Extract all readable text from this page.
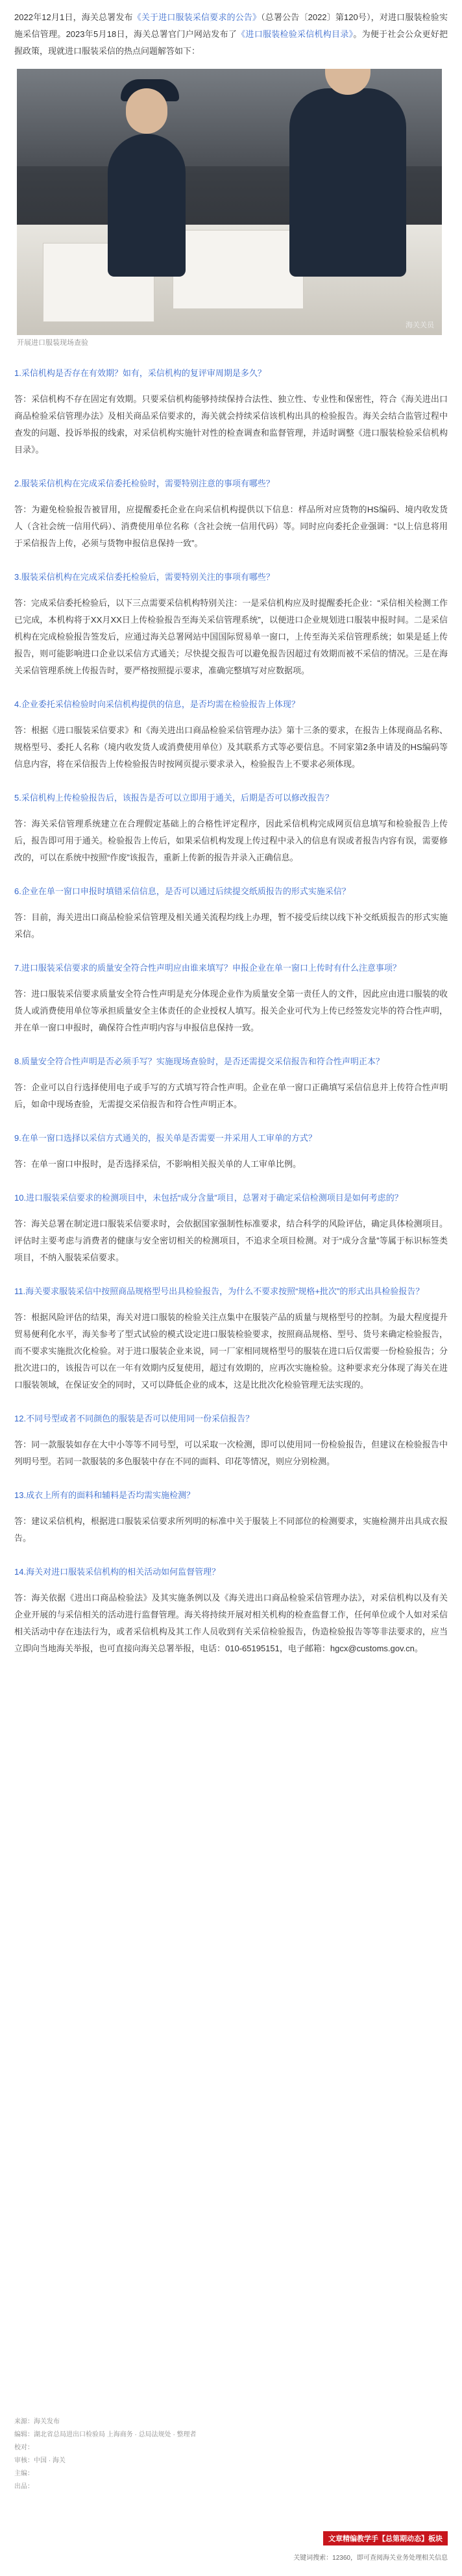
2022年12月1日，海关总署发布《关于进口服装采信要求的公告》（总署公告〔2022〕第120号），对进口服装检验实施采信管理。2023年5月18日，海关总署官门户网站发布了《进口服装检验采信机构目录》。为便于社会公众更好把握政策，现就进口服装采信的热点问题解答如下：

海关关员
开展进口服装现场查验

1.采信机构是否存在有效期？如有，采信机构的复评审周期是多久？

答：采信机构不存在固定有效期。只要采信机构能够持续保持合法性、独立性、专业性和保密性，符合《海关进出口商品检验采信管理办法》及相关商品采信要求的，海关就会持续采信该机构出具的检验报告。海关会结合监管过程中查发的问题、投诉举报的线索，对采信机构实施针对性的检查调查和监督管理，并适时调整《进口服装检验采信机构目录》。

2.服装采信机构在完成采信委托检验时，需要特别注意的事项有哪些？

答：为避免检验报告被冒用，应提醒委托企业在向采信机构提供以下信息：样品所对应货物的HS编码、境内收发货人（含社会统一信用代码）、消费使用单位名称（含社会统一信用代码）等。同时应向委托企业强调：“以上信息将用于采信报告上传，必须与货物申报信息保持一致”。

3.服装采信机构在完成采信委托检验后，需要特别关注的事项有哪些？

答：完成采信委托检验后，以下三点需要采信机构特别关注：一是采信机构应及时提醒委托企业：“采信相关检测工作已完成，本机构将于XX月XX日上传检验报告至海关采信管理系统”，以便进口企业规划进口服装申报时间。二是采信机构在完成检验报告签发后，应通过海关总署网站中国国际贸易单一窗口，上传至海关采信管理系统；如果是延上传报告，则可能影响进口企业以采信方式通关；尽快提交报告可以避免报告因超过有效期而被不采信的情况。三是在海关采信管理系统上传报告时，要严格按照提示要求，准确完整填写对应数据项。

4.企业委托采信检验时向采信机构提供的信息，是否均需在检验报告上体现？

答：根据《进口服装采信要求》和《海关进出口商品检验采信管理办法》第十三条的要求，在报告上体现商品名称、规格型号、委托人名称（境内收发货人或消费使用单位）及其联系方式等必要信息。不同家第2条申请及的HS编码等信息内容，将在采信报告上传检验报告时按网页提示要求录入，检验报告上不要求必须体现。

5.采信机构上传检验报告后，该报告是否可以立即用于通关，后期是否可以修改报告？

答：海关采信管理系统建立在合理假定基础上的合格性评定程序，因此采信机构完成网页信息填写和检验报告上传后，报告即可用于通关。检验报告上传后，如果采信机构发现上传过程中录入的信息有误或者报告内容有误，需要修改的，可以在系统中按照“作废”该报告，重新上传新的报告并录入正确信息。

6.企业在单一窗口申报时填错采信信息，是否可以通过后续提交纸质报告的形式实施采信？

答：目前，海关进出口商品检验采信管理及相关通关流程均线上办理，暂不接受后续以线下补交纸质报告的形式实施采信。

7.进口服装采信要求的质量安全符合性声明应由谁来填写？申报企业在单一窗口上传时有什么注意事项？

答：进口服装采信要求质量安全符合性声明是充分体现企业作为质量安全第一责任人的文件，因此应由进口服装的收货人或消费使用单位等承担质量安全主体责任的企业授权人填写。报关企业可代为上传已经签发完毕的符合性声明，并在单一窗口申报时，确保符合性声明内容与申报信息保持一致。

8.质量安全符合性声明是否必须手写？实施现场查验时，是否还需提交采信报告和符合性声明正本？

答：企业可以自行选择使用电子或手写的方式填写符合性声明。企业在单一窗口正确填写采信信息并上传符合性声明后，如命中现场查验，无需提交采信报告和符合性声明正本。

9.在单一窗口选择以采信方式通关的，报关单是否需要一并采用人工审单的方式？

答：在单一窗口申报时，是否选择采信，不影响相关报关单的人工审单比例。

10.进口服装采信要求的检测项目中，未包括“成分含量”项目，总署对于确定采信检测项目是如何考虑的？

答：海关总署在制定进口服装采信要求时，会依据国家强制性标准要求，结合科学的风险评估，确定具体检测项目。评估时主要考虑与消费者的健康与安全密切相关的检测项目，不追求全项目检测。对于“成分含量”等属于标识标签类项目，不纳入服装采信要求。

11.海关要求服装采信中按照商品规格型号出具检验报告，为什么不要求按照“规格+批次”的形式出具检验报告？

答：根据风险评估的结果，海关对进口服装的检验关注点集中在服装产品的质量与规格型号的控制。为最大程度提升贸易便利化水平，海关参考了型式试验的模式设定进口服装检验要求，按照商品规格、型号、货号来确定检验报告，而不要求实施批次化检验。对于进口服装企业来说，同一厂家相同规格型号的服装在进口后仅需要一份检验报告；分批次进口的，该报告可以在一年有效期内反复使用，超过有效期的，应再次实施检验。这种要求充分体现了海关在进口服装领域，在保证安全的同时，又可以降低企业的成本，这是比批次化检验管理无法实现的。

12.不同号型或者不同颜色的服装是否可以使用同一份采信报告？

答：同一款服装如存在大中小等等不同号型，可以采取一次检测，即可以使用同一份检验报告，但建议在检验报告中列明号型。若同一款服装的多色服装中存在不同的面料、印花等情况，则应分别检测。

13.成衣上所有的面料和辅料是否均需实施检测？

答：建议采信机构，根据进口服装采信要求所列明的标准中关于服装上不同部位的检测要求，实施检测并出具成衣报告。

14.海关对进口服装采信机构的相关活动如何监督管理？

答：海关依据《进出口商品检验法》及其实施条例以及《海关进出口商品检验采信管理办法》，对采信机构以及有关企业开展的与采信相关的活动进行监督管理。海关将持续开展对相关机构的检查监督工作，任何单位或个人如对采信相关活动中存在违法行为，或者采信机构及其工作人员收到有关采信检验报告，伪造检验报告等等非法要求的，应当立即向当地海关举报，也可直接向海关总署举报，电话：010-65195151，电子邮箱：hgcx@customs.gov.cn。

来源：海关发布
编辑：湖北省总局进出口检验局 上海商务 · 总局法规处 · 整理者
校对：
审核：中国 · 海关
主编：
出品：
文章精编教学手【总第期动态】板块
关键词搜索：12360，即可查阅海关业务处理相关信息
